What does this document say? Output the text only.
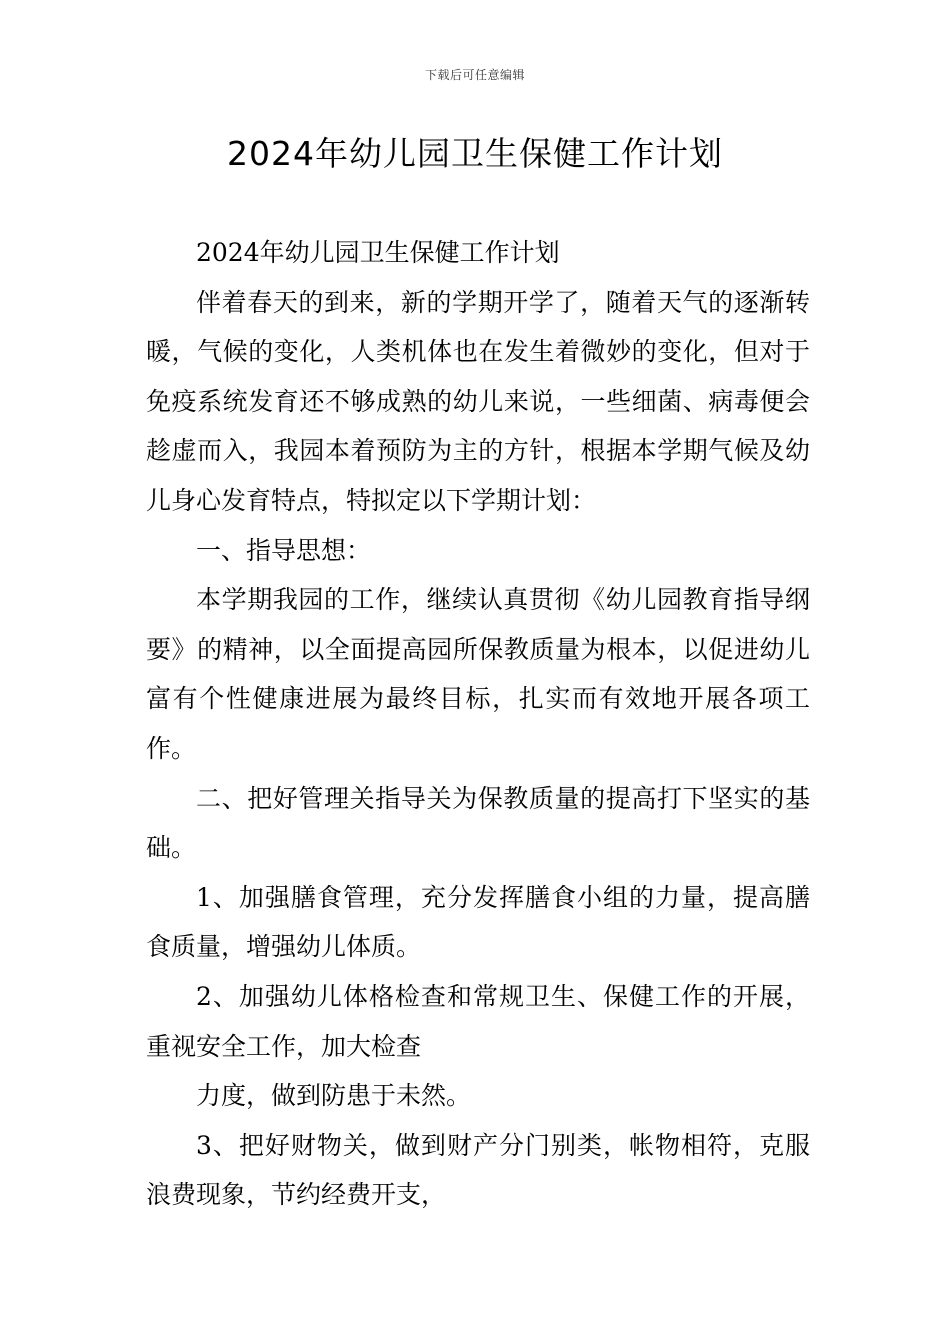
下载后可任意编辑
2024年幼儿园卫生保健工作计划

2024年幼儿园卫生保健工作计划

伴着春天的到来，新的学期开学了，随着天气的逐渐转暖，气候的变化，人类机体也在发生着微妙的变化，但对于免疫系统发育还不够成熟的幼儿来说，一些细菌、病毒便会趁虚而入，我园本着预防为主的方针，根据本学期气候及幼儿身心发育特点，特拟定以下学期计划：

一、指导思想：

本学期我园的工作，继续认真贯彻《幼儿园教育指导纲要》的精神，以全面提高园所保教质量为根本，以促进幼儿富有个性健康进展为最终目标，扎实而有效地开展各项工作。

二、把好管理关指导关为保教质量的提高打下坚实的基础。

1、加强膳食管理，充分发挥膳食小组的力量，提高膳食质量，增强幼儿体质。

2、加强幼儿体格检查和常规卫生、保健工作的开展，重视安全工作，加大检查

力度，做到防患于未然。

3、把好财物关，做到财产分门别类，帐物相符，克服浪费现象，节约经费开支，
